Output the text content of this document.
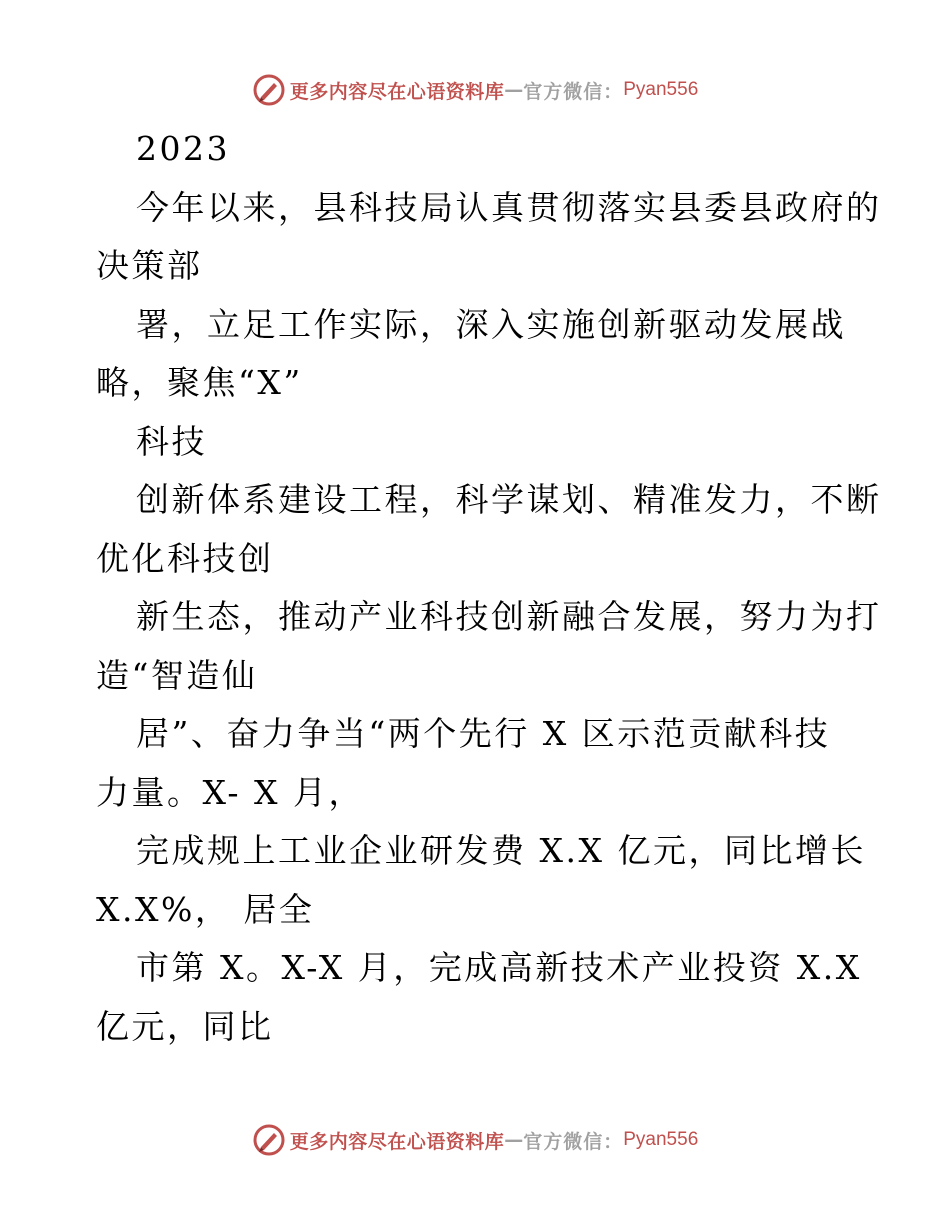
更多内容尽在心语资料库 — 官方微信： Pyan556
2023
今年以来，县科技局认真贯彻落实县委县政府的
决策部
署，立足工作实际，深入实施创新驱动发展战
略，聚焦“X”
科技
创新体系建设工程，科学谋划、精准发力，不断
优化科技创
新生态，推动产业科技创新融合发展，努力为打
造“智造仙
居”、奋力争当“两个先行 X 区示范贡献科技
力量。X- X 月，
完成规上工业企业研发费 X.X 亿元，同比增长
X.X%， 居全
市第 X。X-X 月，完成高新技术产业投资 X.X
亿元，同比
更多内容尽在心语资料库 — 官方微信： Pyan556
